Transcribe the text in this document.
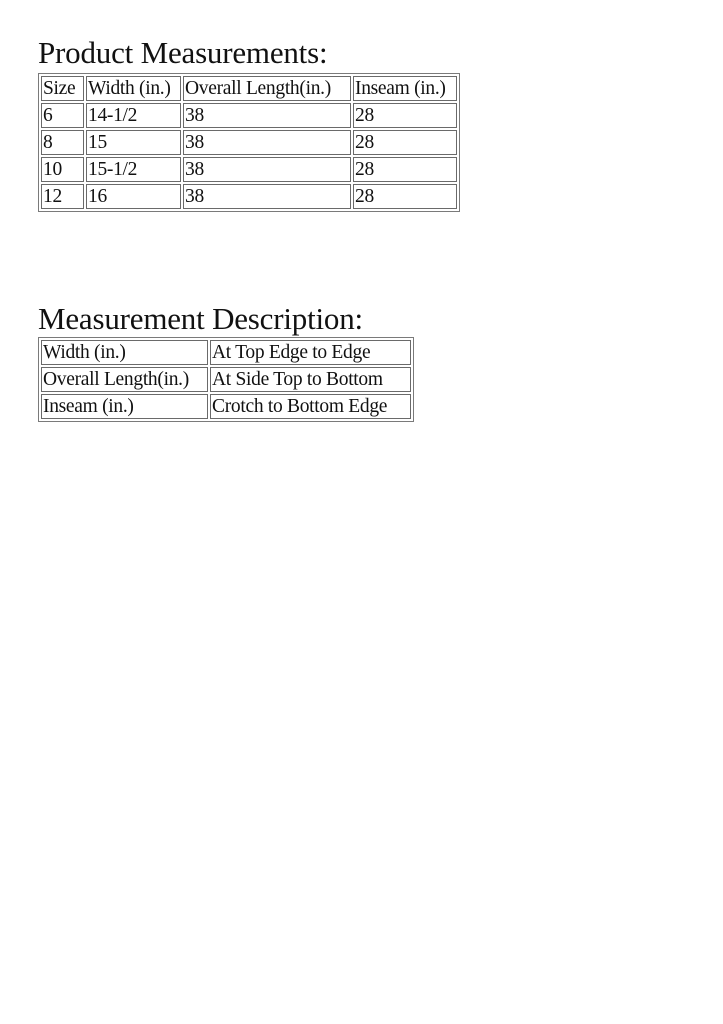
Product Measurements:
Size	Width (in.)	Overall Length(in.)	Inseam (in.)
6	14-1/2	38	28
8	15	38	28
10	15-1/2	38	28
12	16	38	28
Measurement Description:
Width (in.)	At Top Edge to Edge
Overall Length(in.)	At Side Top to Bottom
Inseam (in.)	Crotch to Bottom Edge
